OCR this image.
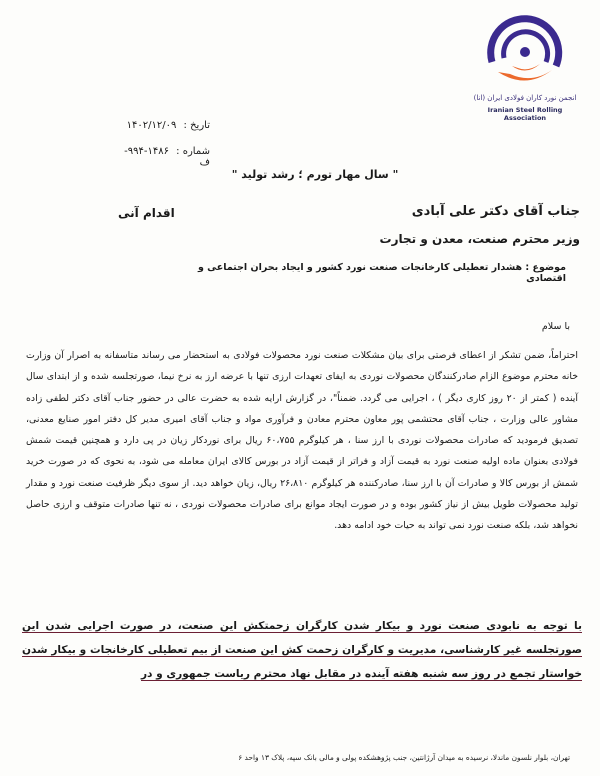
انجمن نورد کاران فولادی ایران (انا)
Iranian Steel Rolling Association
تاریخ : ۱۴۰۲/۱۲/۰۹
شماره : ۱۴۸۶-۹۹۴- ف
" سال مهار تورم ؛ رشد تولید "
جناب آقای دکتر علی آبادی
وزیر محترم صنعت، معدن و تجارت
اقدام آنی
موضوع : هشدار تعطیلی کارخانجات صنعت نورد کشور و ایجاد بحران اجتماعی و اقتصادی
با سلام
احتراماً، ضمن تشکر از اعطای فرصتی برای بیان مشکلات صنعت نورد محصولات فولادی به استحضار می رساند متاسفانه به اصرار آن وزارت خانه محترم موضوع الزام صادرکنندگان محصولات نوردی به ایفای تعهدات ارزی تنها با عرضه ارز به نرخ نیما، صورتجلسه شده و از ابتدای سال آینده ( کمتر از ۲۰ روز کاری دیگر ) ، اجرایی می گردد. ضمناً"، در گزارش ارایه شده به حضرت عالی در حضور جناب آقای دکتر لطفی زاده مشاور عالی وزارت ، جناب آقای محتشمی پور معاون محترم معادن و فرآوری مواد و جناب آقای امیری مدیر کل دفتر امور صنایع معدنی، تصدیق فرمودید که صادرات محصولات نوردی با ارز سنا ، هر کیلوگرم ۶۰،۷۵۵ ریال برای نوردکار زیان در پی دارد و همچنین قیمت شمش فولادی بعنوان ماده اولیه صنعت نورد به قیمت آزاد و فراتر از قیمت آزاد در بورس کالای ایران معامله می شود، به نحوی که در صورت خرید شمش از بورس کالا و صادرات آن با ارز سنا، صادرکننده هر کیلوگرم ۲۶،۸۱۰ ریال، زیان خواهد دید. از سوی دیگر ظرفیت صنعت نورد و مقدار تولید محصولات طویل بیش از نیاز کشور بوده و در صورت ایجاد موانع برای صادرات محصولات نوردی ، نه تنها صادرات متوقف و ارزی حاصل نخواهد شد، بلکه صنعت نورد نمی تواند به حیات خود ادامه دهد.
با توجه به نابودی صنعت نورد و بیکار شدن کارگران زحمتکش این صنعت، در صورت اجرایی شدن این صورتجلسه غیر کارشناسی، مدیریت و کارگران زحمت کش این صنعت از بیم تعطیلی کارخانجات و بیکار شدن خواستار تجمع در روز سه شنبه هفته آینده در مقابل نهاد محترم ریاست جمهوری و در
تهران، بلوار نلسون ماندلا، نرسیده به میدان آرژانتین، جنب پژوهشکده پولی و مالی بانک سپه، پلاک ۱۳ واحد ۶
